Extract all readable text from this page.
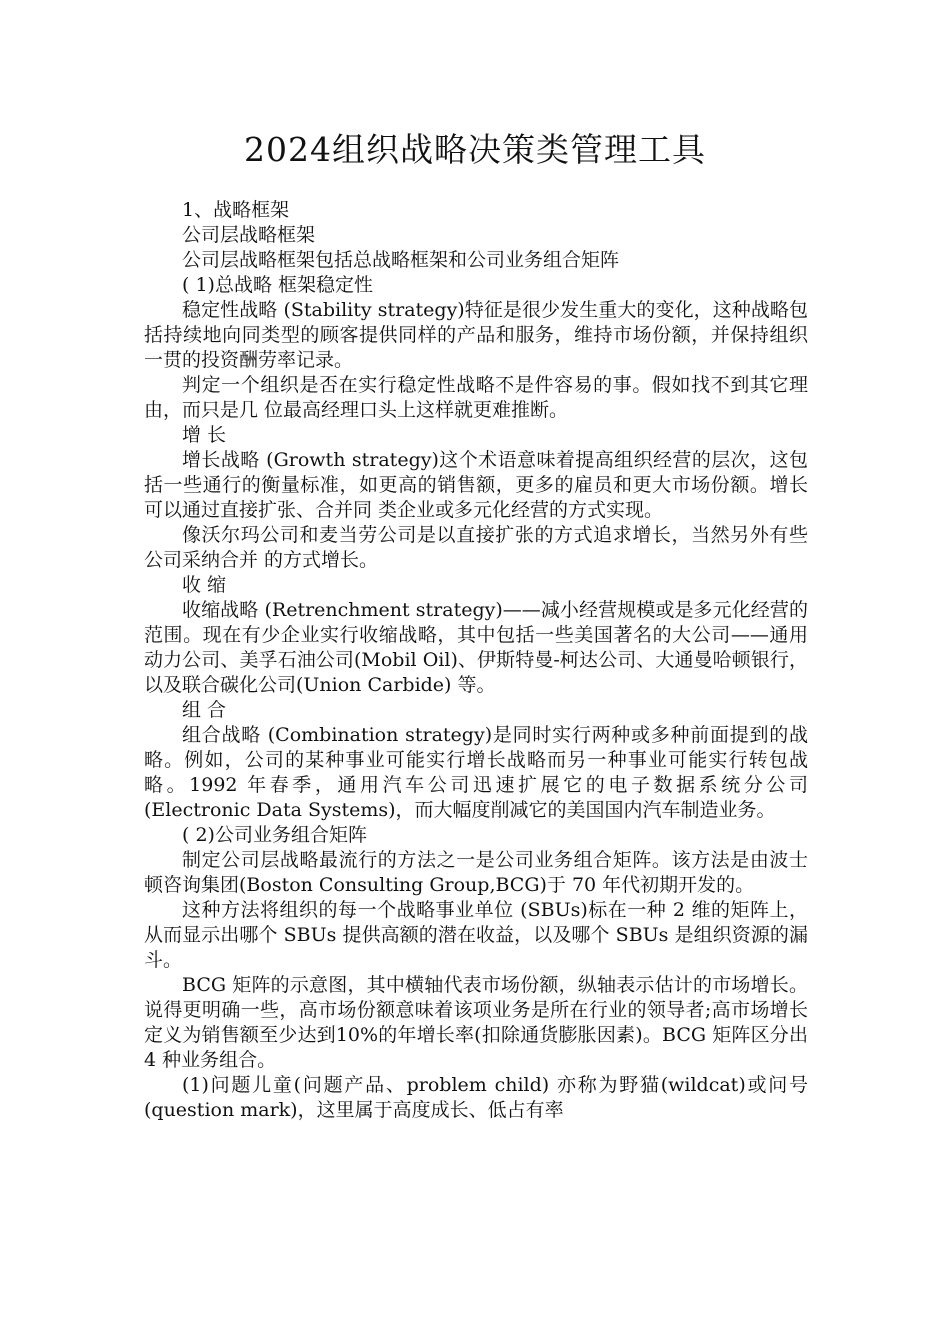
2024组织战略决策类管理工具

1、战略框架

公司层战略框架

公司层战略框架包括总战略框架和公司业务组合矩阵

( 1)总战略 框架稳定性

稳定性战略 (Stability strategy)特征是很少发生重大的变化，这种战略包括持续地向同类型的顾客提供同样的产品和服务，维持市场份额，并保持组织一贯的投资酬劳率记录。

判定一个组织是否在实行稳定性战略不是件容易的事。假如找不到其它理由，而只是几 位最高经理口头上这样就更难推断。

增 长

增长战略 (Growth strategy)这个术语意味着提高组织经营的层次，这包括一些通行的衡量标准，如更高的销售额，更多的雇员和更大市场份额。增长可以通过直接扩张、合并同 类企业或多元化经营的方式实现。

像沃尔玛公司和麦当劳公司是以直接扩张的方式追求增长，当然另外有些公司采纳合并 的方式增长。

收 缩

收缩战略 (Retrenchment strategy)——减小经营规模或是多元化经营的范围。现在有少企业实行收缩战略，其中包括一些美国著名的大公司——通用动力公司、美孚石油公司(Mobil Oil)、伊斯特曼-柯达公司、大通曼哈顿银行，以及联合碳化公司(Union Carbide) 等。

组 合

组合战略 (Combination strategy)是同时实行两种或多种前面提到的战略。例如，公司的某种事业可能实行增长战略而另一种事业可能实行转包战略。1992 年春季，通用汽车公司迅速扩展它的电子数据系统分公司(Electronic Data Systems)，而大幅度削减它的美国国内汽车制造业务。

( 2)公司业务组合矩阵

制定公司层战略最流行的方法之一是公司业务组合矩阵。该方法是由波士顿咨询集团(Boston Consulting Group,BCG)于 70 年代初期开发的。

这种方法将组织的每一个战略事业单位 (SBUs)标在一种 2 维的矩阵上，从而显示出哪个 SBUs 提供高额的潜在收益，以及哪个 SBUs 是组织资源的漏斗。

BCG 矩阵的示意图，其中横轴代表市场份额，纵轴表示估计的市场增长。说得更明确一些，高市场份额意味着该项业务是所在行业的领导者;高市场增长定义为销售额至少达到10%的年增长率(扣除通货膨胀因素)。BCG 矩阵区分出 4 种业务组合。

(1)问题儿童(问题产品、problem child) 亦称为野猫(wildcat)或问号(question mark)，这里属于高度成长、低占有率
